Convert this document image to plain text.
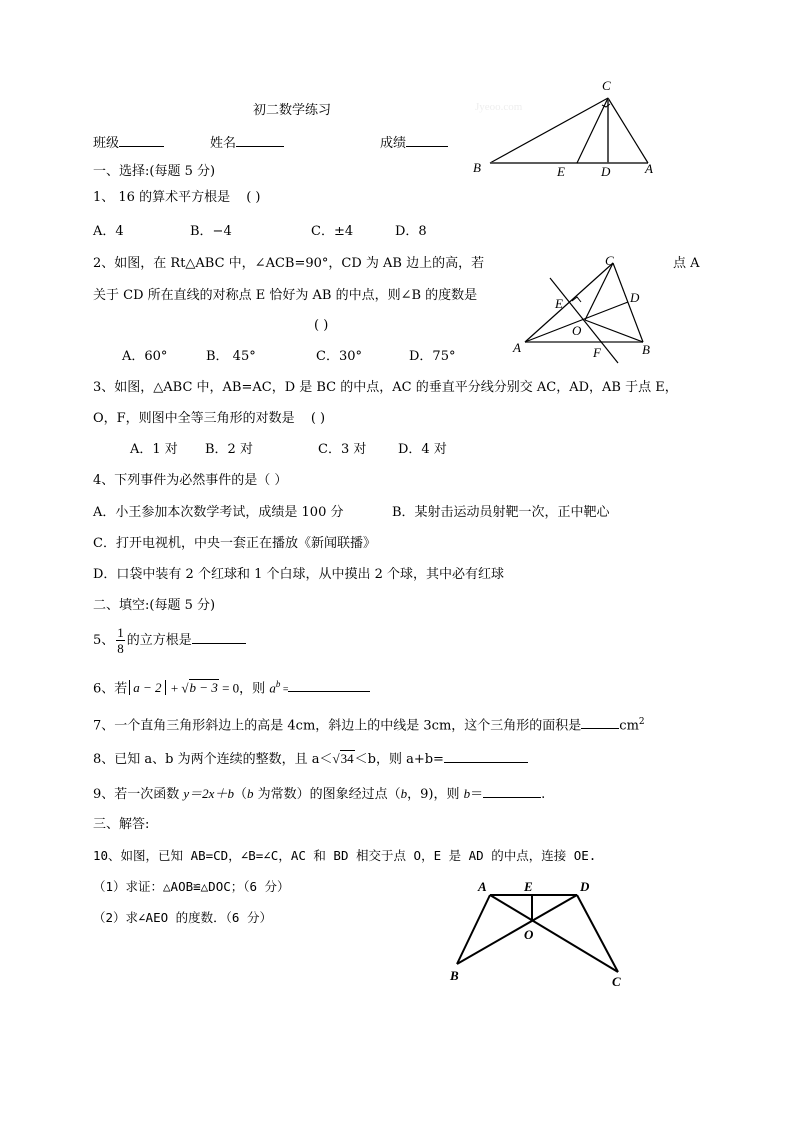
初二数学练习
班级	姓名	成绩
Jyeoo.com
C
B	E	D	A
一、选择:(每题 5 分)
1、 16 的算术平方根是 ( )
A．4	B．−4	C．±4	D．8
2、如图，在 Rt△ABC 中，∠ACB=90°，CD 为 AB 边上的高，若	点 A
关于 CD 所在直线的对称点 E 恰好为 AB 的中点，则∠B 的度数是
( )
A．60°	B． 45°	C．30°	D．75°
C
E	D
O
A	F	B
3、如图，△ABC 中，AB=AC，D 是 BC 的中点，AC 的垂直平分线分别交 AC，AD，AB 于点 E，
O，F，则图中全等三角形的对数是 ( )
A．1 对 B．2 对	C．3 对 D．4 对
4、下列事件为必然事件的是（ ）
A．小王参加本次数学考试，成绩是 100 分	B．某射击运动员射靶一次，正中靶心
C．打开电视机，中央一套正在播放《新闻联播》
D．口袋中装有 2 个红球和 1 个白球，从中摸出 2 个球，其中必有红球
二、填空:(每题 5 分)
5、 $\frac{1}{8}$ 的立方根是
6、若 a − 2 + √b − 3 = 0，则 $a^b$ =
7、一个直角三角形斜边上的高是 4cm，斜边上的中线是 3cm，这个三角形的面积是	$cm^2$
8、已知 a、b 为两个连续的整数，且 a＜√34＜b，则 a+b=
9、若一次函数 y＝2x＋b（b 为常数）的图象经过点（b，9)，则 b＝	.
三、解答:
10、如图，已知 AB=CD，∠B=∠C，AC 和 BD 相交于点 O，E 是 AD 的中点，连接 OE.
（1）求证：△AOB≌△DOC；（6 分）
（2）求∠AEO 的度数．（6 分）
A	E	D
O
B	C
